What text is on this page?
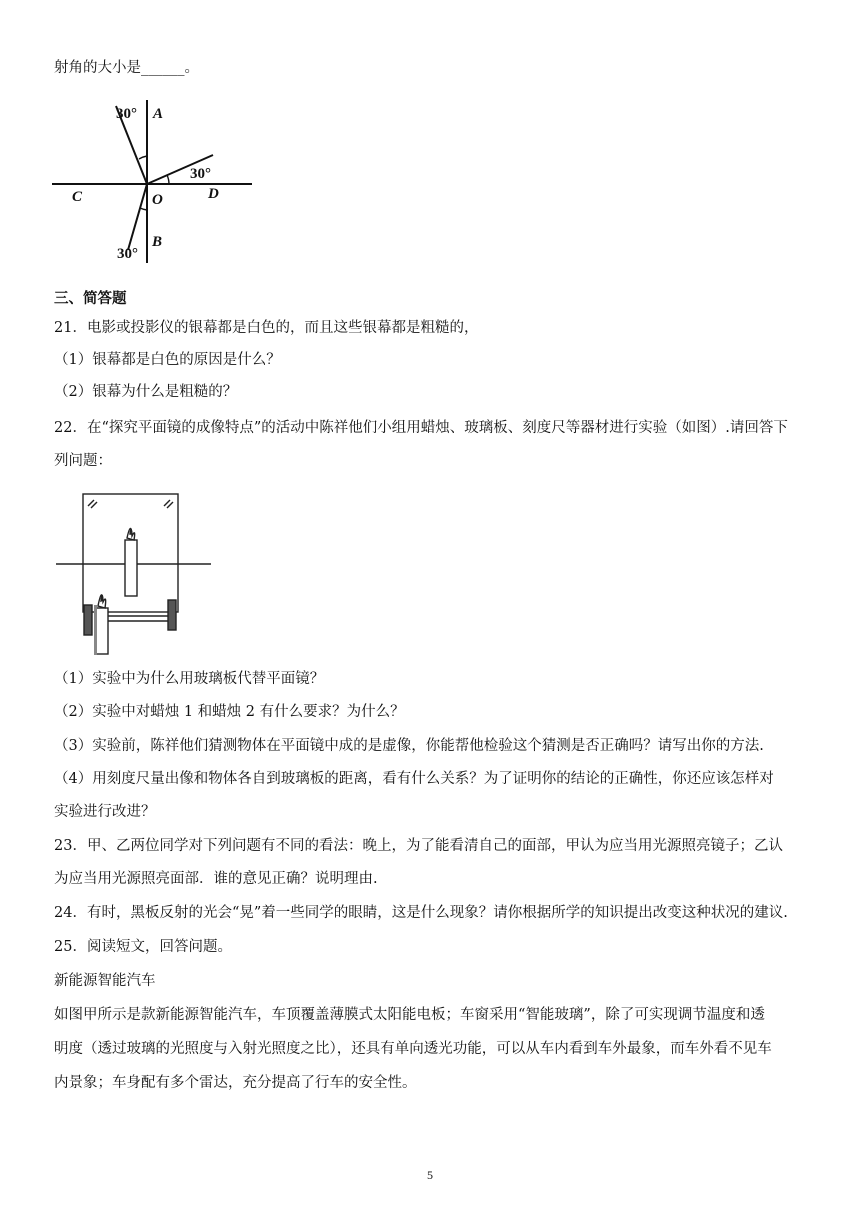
射角的大小是______。
30° A
30°
C	O	D
B
30°
三、简答题
21．电影或投影仪的银幕都是白色的，而且这些银幕都是粗糙的，
（1）银幕都是白色的原因是什么？
（2）银幕为什么是粗糙的？
22．在“探究平面镜的成像特点”的活动中陈祥他们小组用蜡烛、玻璃板、刻度尺等器材进行实验（如图）.请回答下
列问题：
（1）实验中为什么用玻璃板代替平面镜？
（2）实验中对蜡烛 1 和蜡烛 2 有什么要求？为什么？
（3）实验前，陈祥他们猜测物体在平面镜中成的是虚像，你能帮他检验这个猜测是否正确吗？请写出你的方法.
（4）用刻度尺量出像和物体各自到玻璃板的距离，看有什么关系？为了证明你的结论的正确性，你还应该怎样对
实验进行改进？
23．甲、乙两位同学对下列问题有不同的看法：晚上，为了能看清自己的面部，甲认为应当用光源照亮镜子；乙认
为应当用光源照亮面部．谁的意见正确？说明理由.
24．有时，黑板反射的光会“晃”着一些同学的眼睛，这是什么现象？请你根据所学的知识提出改变这种状况的建议.
25．阅读短文，回答问题。
新能源智能汽车
如图甲所示是款新能源智能汽车，车顶覆盖薄膜式太阳能电板；车窗采用“智能玻璃”，除了可实现调节温度和透
明度（透过玻璃的光照度与入射光照度之比），还具有单向透光功能，可以从车内看到车外最象，而车外看不见车
内景象；车身配有多个雷达，充分提高了行车的安全性。
5
